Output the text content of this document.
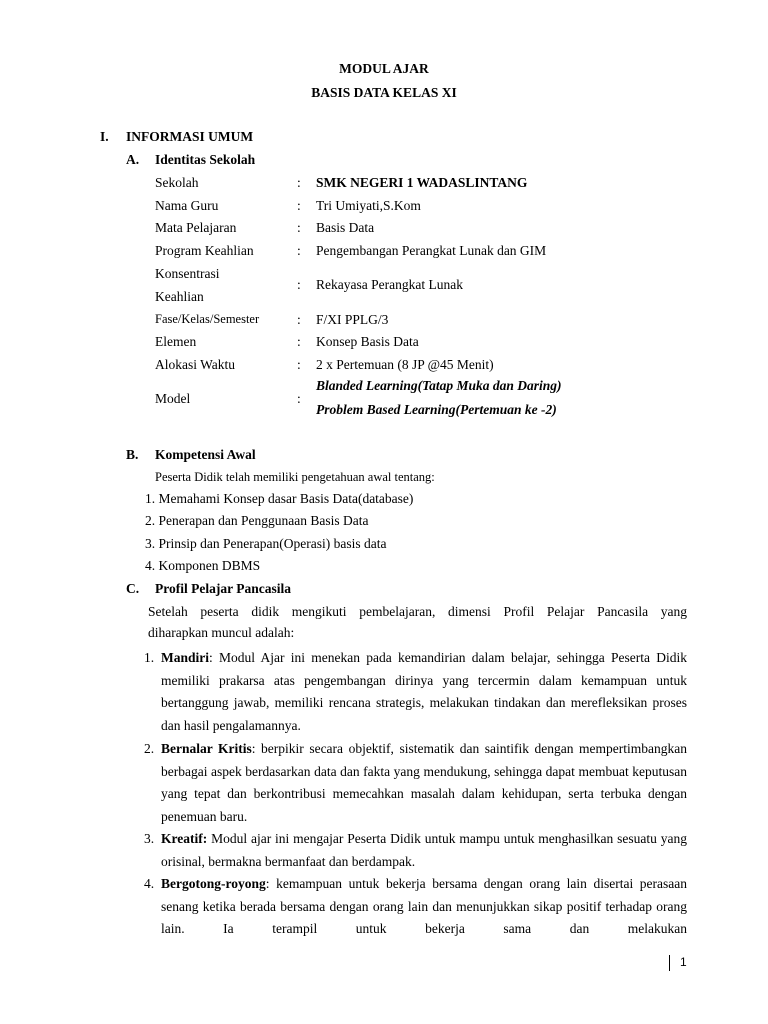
MODUL AJAR
BASIS DATA KELAS XI
I. INFORMASI UMUM
A. Identitas Sekolah
Sekolah	: SMK NEGERI 1 WADASLINTANG
Nama Guru	: Tri Umiyati,S.Kom
Mata Pelajaran	: Basis Data
Program Keahlian	: Pengembangan Perangkat Lunak dan GIM
Konsentrasi
Keahlian
: Rekayasa Perangkat Lunak
Fase/Kelas/Semester	: F/XI PPLG/3
Elemen	: Konsep Basis Data
Alokasi Waktu	: 2 x Pertemuan (8 JP @45 Menit)
Model	:
Blanded Learning(Tatap Muka dan Daring)
Problem Based Learning(Pertemuan ke -2)
B. Kompetensi Awal
Peserta Didik telah memiliki pengetahuan awal tentang:
1. Memahami Konsep dasar Basis Data(database)
2. Penerapan dan Penggunaan Basis Data
3. Prinsip dan Penerapan(Operasi) basis data
4. Komponen DBMS
C. Profil Pelajar Pancasila
Setelah peserta didik mengikuti pembelajaran, dimensi Profil Pelajar Pancasila yang
diharapkan muncul adalah:
1. Mandiri: Modul Ajar ini menekan pada kemandirian dalam belajar, sehingga Peserta Didik memiliki prakarsa atas pengembangan dirinya yang tercermin dalam kemampuan untuk bertanggung jawab, memiliki rencana strategis, melakukan tindakan dan merefleksikan proses dan hasil pengalamannya.
2. Bernalar Kritis: berpikir secara objektif, sistematik dan saintifik dengan mempertimbangkan berbagai aspek berdasarkan data dan fakta yang mendukung, sehingga dapat membuat keputusan yang tepat dan berkontribusi memecahkan masalah dalam kehidupan, serta terbuka dengan penemuan baru.
3. Kreatif: Modul ajar ini mengajar Peserta Didik untuk mampu untuk menghasilkan sesuatu yang orisinal, bermakna bermanfaat dan berdampak.
4. Bergotong-royong: kemampuan untuk bekerja bersama dengan orang lain disertai perasaan senang ketika berada bersama dengan orang lain dan menunjukkan sikap positif terhadap orang lain. Ia terampil untuk bekerja sama dan melakukan
1
